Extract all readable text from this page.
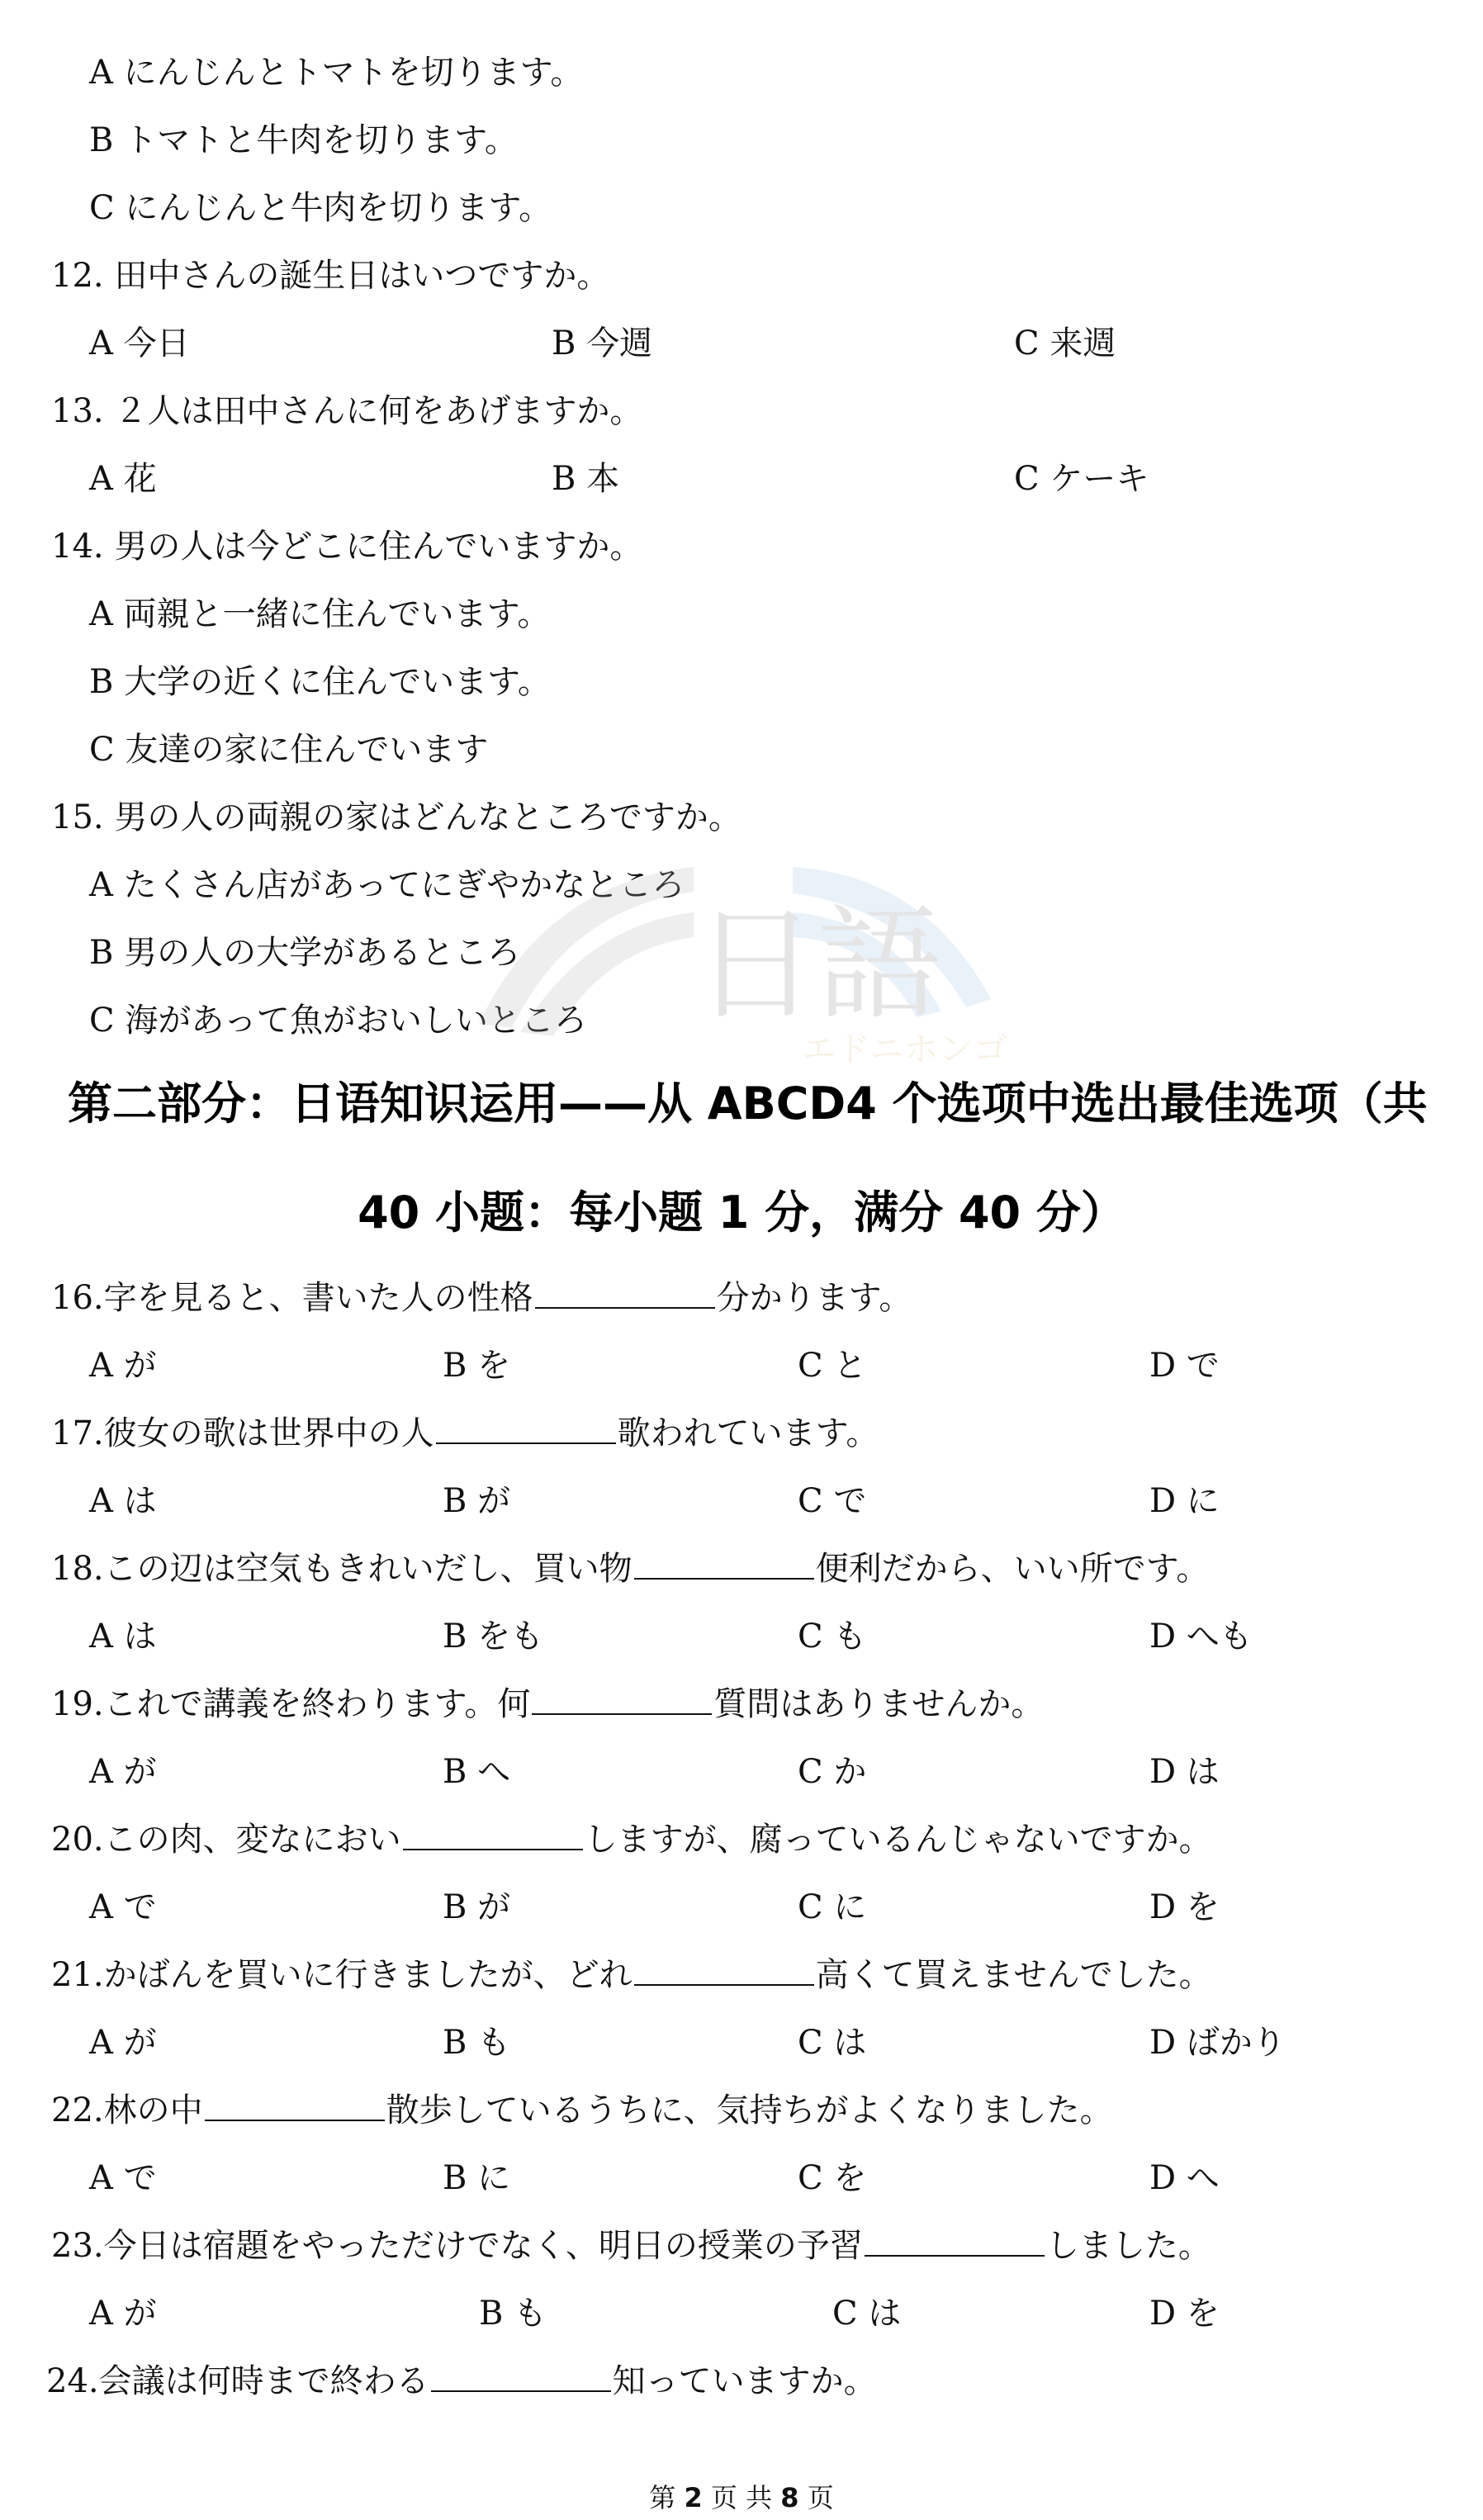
A にんじんとトマトを切ります。
B トマトと牛肉を切ります。
C にんじんと牛肉を切ります。
12. 田中さんの誕生日はいつですか。
A 今日	B 今週	C 来週
13. ２人は田中さんに何をあげますか。
A 花	B 本	C ケーキ
14. 男の人は今どこに住んでいますか。
A 両親と一緒に住んでいます。
B 大学の近くに住んでいます。
C 友達の家に住んでいます
15. 男の人の両親の家はどんなところですか。
A たくさん店があってにぎやかなところ
B 男の人の大学があるところ
C 海があって魚がおいしいところ 日語
エドニホンゴ
第二部分：日语知识运用——从 ABCD4 个选项中选出最佳选项（共
40 小题：每小题 1 分，满分 40 分）
16.字を見ると、書いた人の性格	分かります。
A が	B を	C と	D で
17.彼女の歌は世界中の人	歌われています。
A は	B が	C で	D に
18.この辺は空気もきれいだし、買い物	便利だから、いい所です。
A は	B をも	C も	D へも
19.これで講義を終わります。何	質問はありませんか。
A が	B へ	C か	D は
20.この肉、変なにおい	しますが、腐っているんじゃないですか。
A で	B が	C に	D を
21.かばんを買いに行きましたが、どれ	高くて買えませんでした。
A が	B も	C は	D ばかり
22.林の中	散歩しているうちに、気持ちがよくなりました。
A で	B に	C を	D へ
23.今日は宿題をやっただけでなく、明日の授業の予習	しました。
A が	B も	C は	D を
24.会議は何時まで終わる	知っていますか。
第 2 页 共 8 页
